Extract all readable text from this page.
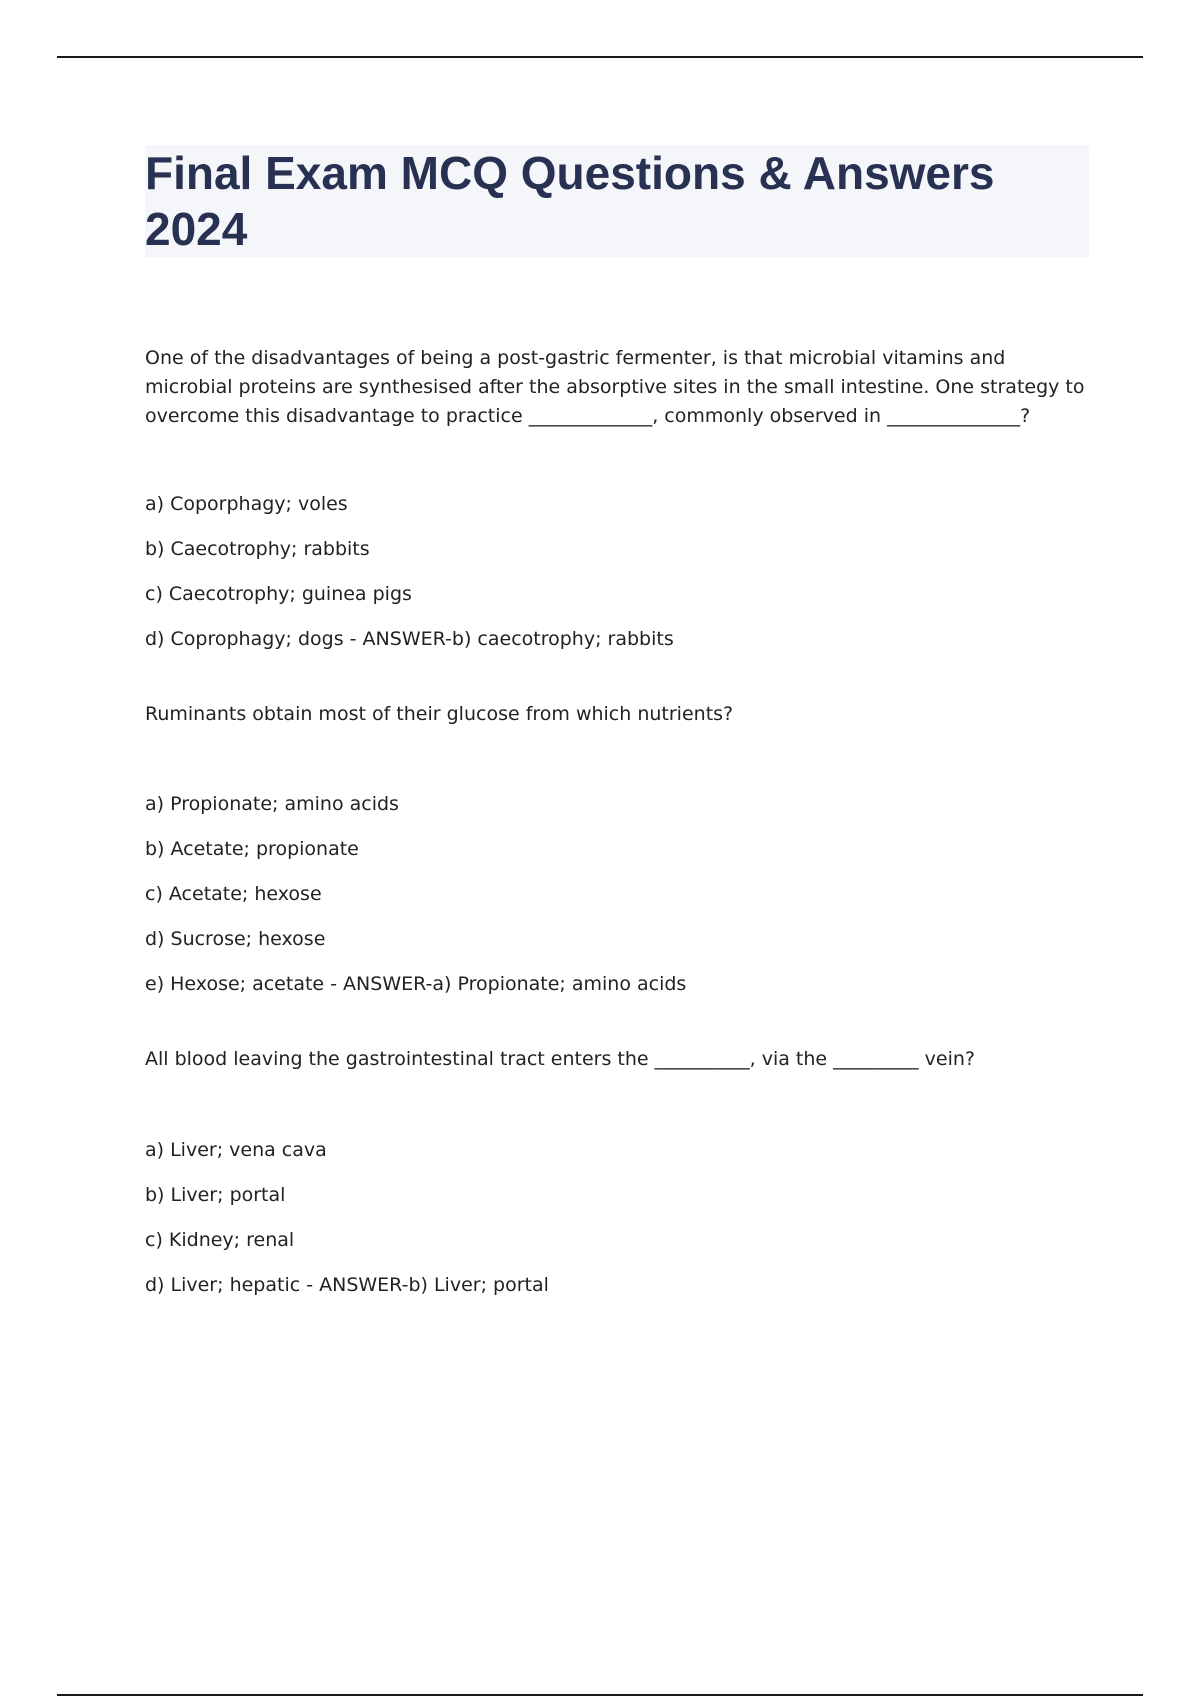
Final Exam MCQ Questions & Answers 2024

One of the disadvantages of being a post-gastric fermenter, is that microbial vitamins and microbial proteins are synthesised after the absorptive sites in the small intestine. One strategy to overcome this disadvantage to practice _____________, commonly observed in ______________?

a) Coporphagy; voles
b) Caecotrophy; rabbits
c) Caecotrophy; guinea pigs
d) Coprophagy; dogs - ANSWER-b) caecotrophy; rabbits

Ruminants obtain most of their glucose from which nutrients?

a) Propionate; amino acids
b) Acetate; propionate
c) Acetate; hexose
d) Sucrose; hexose
e) Hexose; acetate - ANSWER-a) Propionate; amino acids

All blood leaving the gastrointestinal tract enters the __________, via the _________ vein?

a) Liver; vena cava
b) Liver; portal
c) Kidney; renal
d) Liver; hepatic - ANSWER-b) Liver; portal
